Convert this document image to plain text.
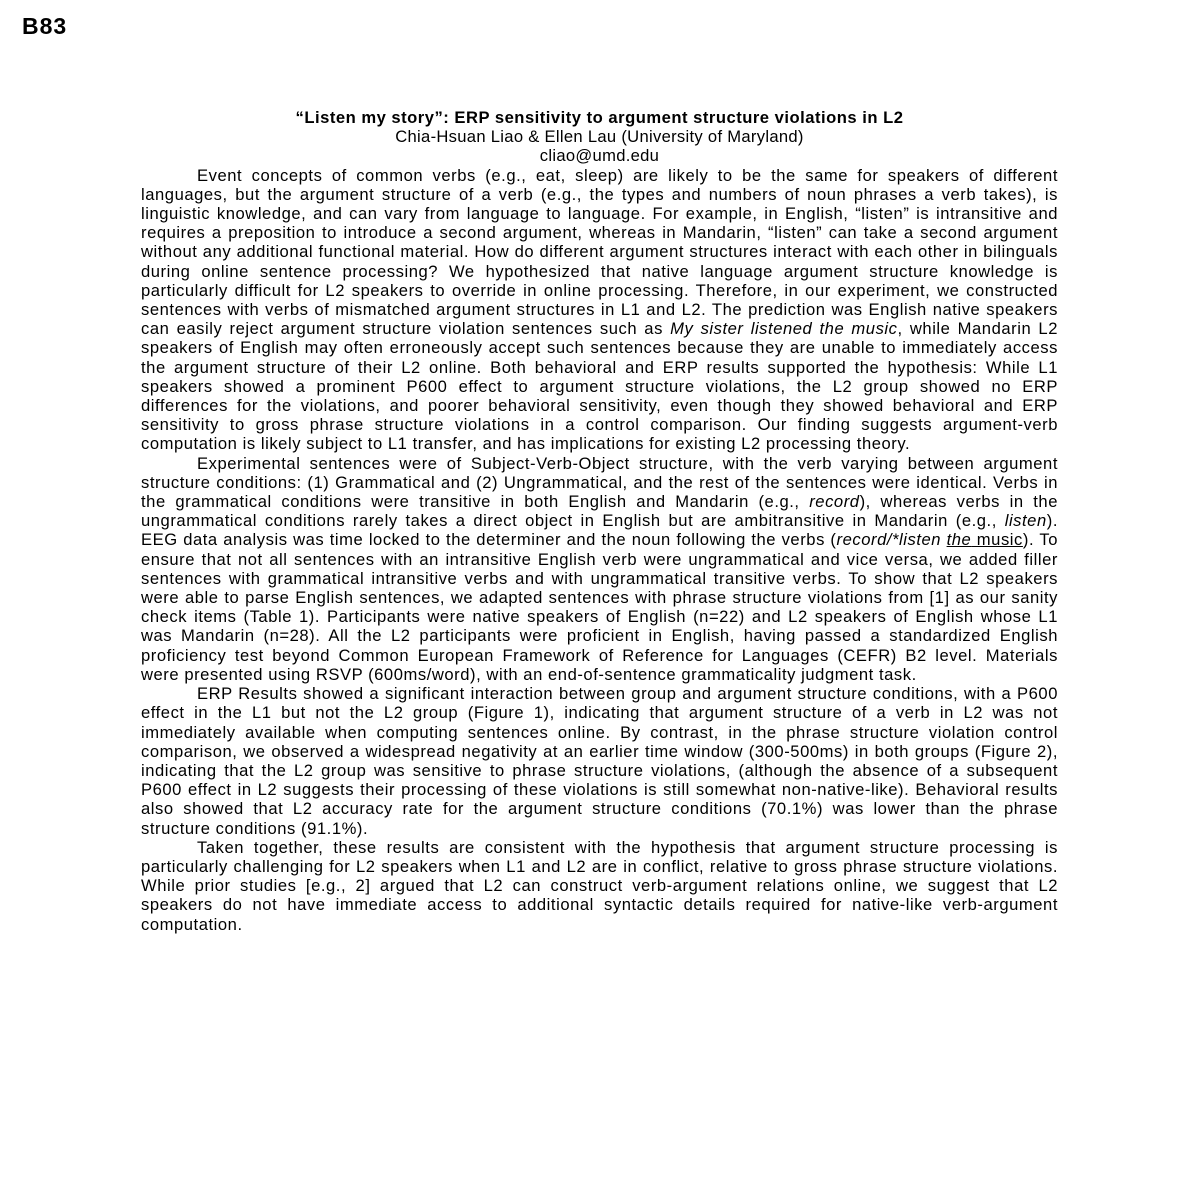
B83
“Listen my story”: ERP sensitivity to argument structure violations in L2
Chia-Hsuan Liao & Ellen Lau (University of Maryland)
cliao@umd.edu

Event concepts of common verbs (e.g., eat, sleep) are likely to be the same for speakers of different languages, but the argument structure of a verb (e.g., the types and numbers of noun phrases a verb takes), is linguistic knowledge, and can vary from language to language. For example, in English, “listen” is intransitive and requires a preposition to introduce a second argument, whereas in Mandarin, “listen” can take a second argument without any additional functional material. How do different argument structures interact with each other in bilinguals during online sentence processing? We hypothesized that native language argument structure knowledge is particularly difficult for L2 speakers to override in online processing. Therefore, in our experiment, we constructed sentences with verbs of mismatched argument structures in L1 and L2. The prediction was English native speakers can easily reject argument structure violation sentences such as My sister listened the music, while Mandarin L2 speakers of English may often erroneously accept such sentences because they are unable to immediately access the argument structure of their L2 online. Both behavioral and ERP results supported the hypothesis: While L1 speakers showed a prominent P600 effect to argument structure violations, the L2 group showed no ERP differences for the violations, and poorer behavioral sensitivity, even though they showed behavioral and ERP sensitivity to gross phrase structure violations in a control comparison. Our finding suggests argument-verb computation is likely subject to L1 transfer, and has implications for existing L2 processing theory.

Experimental sentences were of Subject-Verb-Object structure, with the verb varying between argument structure conditions: (1) Grammatical and (2) Ungrammatical, and the rest of the sentences were identical. Verbs in the grammatical conditions were transitive in both English and Mandarin (e.g., record), whereas verbs in the ungrammatical conditions rarely takes a direct object in English but are ambitransitive in Mandarin (e.g., listen). EEG data analysis was time locked to the determiner and the noun following the verbs (record/*listen the music). To ensure that not all sentences with an intransitive English verb were ungrammatical and vice versa, we added filler sentences with grammatical intransitive verbs and with ungrammatical transitive verbs. To show that L2 speakers were able to parse English sentences, we adapted sentences with phrase structure violations from [1] as our sanity check items (Table 1). Participants were native speakers of English (n=22) and L2 speakers of English whose L1 was Mandarin (n=28). All the L2 participants were proficient in English, having passed a standardized English proficiency test beyond Common European Framework of Reference for Languages (CEFR) B2 level. Materials were presented using RSVP (600ms/word), with an end-of-sentence grammaticality judgment task.

ERP Results showed a significant interaction between group and argument structure conditions, with a P600 effect in the L1 but not the L2 group (Figure 1), indicating that argument structure of a verb in L2 was not immediately available when computing sentences online. By contrast, in the phrase structure violation control comparison, we observed a widespread negativity at an earlier time window (300-500ms) in both groups (Figure 2), indicating that the L2 group was sensitive to phrase structure violations, (although the absence of a subsequent P600 effect in L2 suggests their processing of these violations is still somewhat non-native-like). Behavioral results also showed that L2 accuracy rate for the argument structure conditions (70.1%) was lower than the phrase structure conditions (91.1%).

Taken together, these results are consistent with the hypothesis that argument structure processing is particularly challenging for L2 speakers when L1 and L2 are in conflict, relative to gross phrase structure violations. While prior studies [e.g., 2] argued that L2 can construct verb-argument relations online, we suggest that L2 speakers do not have immediate access to additional syntactic details required for native-like verb-argument computation.
